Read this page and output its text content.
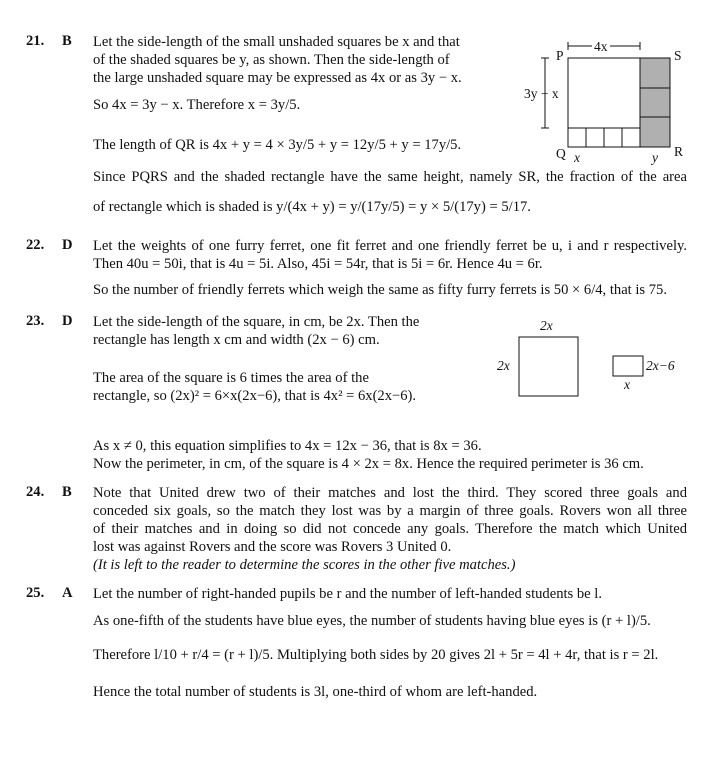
21. B Let the side-length of the small unshaded squares be x and that
of the shaded squares be y, as shown. Then the side-length of
the large unshaded square may be expressed as 4x or as 3y − x.
So 4x = 3y − x. Therefore x = 3y/5.
The length of QR is 4x + y = 4 × 3y/5 + y = 12y/5 + y = 17y/5.
Since PQRS and the shaded rectangle have the same height, namely SR, the fraction of the area
of rectangle which is shaded is y/(4x + y) = y/(17y/5) = y × 5/(17y) = 5/17.
4x
3y − x
P	S
Q	R
x	y
22. D Let the weights of one furry ferret, one fit ferret and one friendly ferret be u, i and r respectively.
Then 40u = 50i, that is 4u = 5i. Also, 45i = 54r, that is 5i = 6r. Hence 4u = 6r.
So the number of friendly ferrets which weigh the same as fifty furry ferrets is 50 × 6/4, that is 75.
23. D Let the side-length of the square, in cm, be 2x. Then the
rectangle has length x cm and width (2x − 6) cm.
The area of the square is 6 times the area of the
rectangle, so (2x)² = 6×x(2x−6), that is 4x² = 6x(2x−6).
As x ≠ 0, this equation simplifies to 4x = 12x − 36, that is 8x = 36.
Now the perimeter, in cm, of the square is 4 × 2x = 8x. Hence the required perimeter is 36 cm.
2x
2x	2x−6
x
24. B Note that United drew two of their matches and lost the third. They scored three goals and
conceded six goals, so the match they lost was by a margin of three goals. Rovers won all three
of their matches and in doing so did not concede any goals. Therefore the match which United
lost was against Rovers and the score was Rovers 3 United 0.
(It is left to the reader to determine the scores in the other five matches.)
25. A Let the number of right-handed pupils be r and the number of left-handed students be l.
As one-fifth of the students have blue eyes, the number of students having blue eyes is (r + l)/5.
Therefore l/10 + r/4 = (r + l)/5. Multiplying both sides by 20 gives 2l + 5r = 4l + 4r, that is r = 2l.
Hence the total number of students is 3l, one-third of whom are left-handed.
